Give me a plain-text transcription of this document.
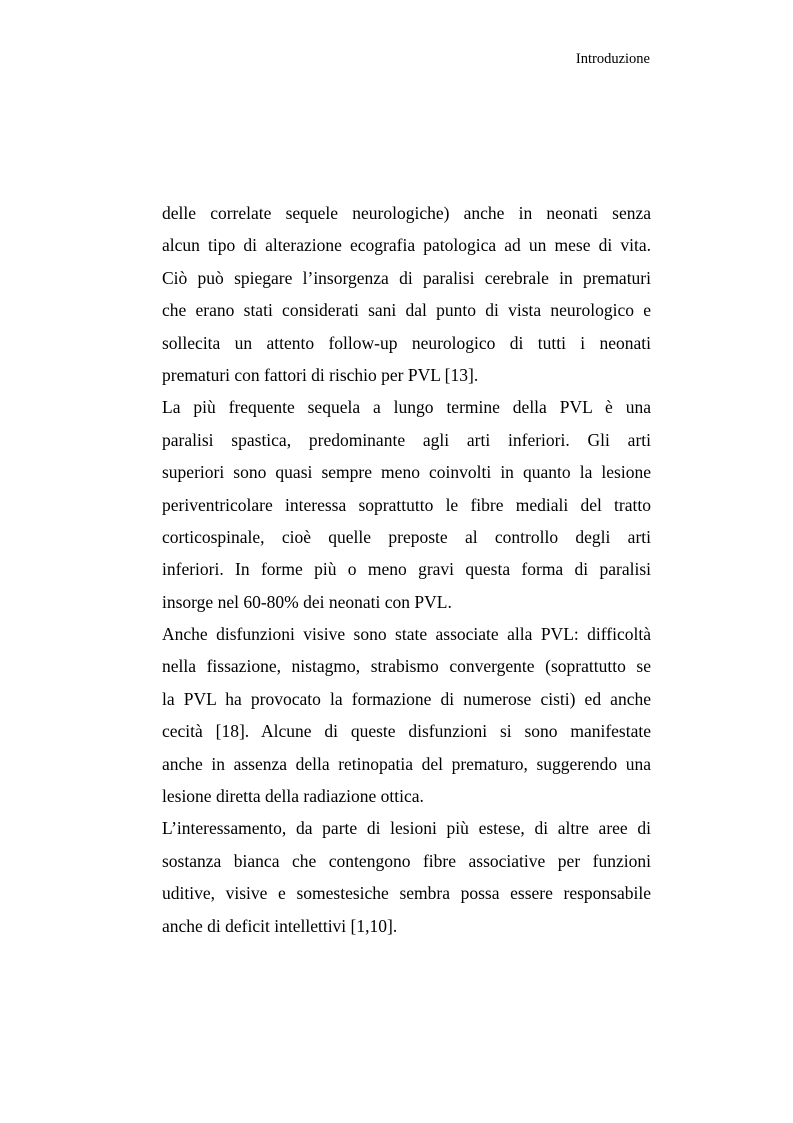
Introduzione
delle correlate sequele neurologiche) anche in neonati senza
alcun tipo di alterazione ecografia patologica ad un mese di vita.
Ciò può spiegare l’insorgenza di paralisi cerebrale in prematuri
che erano stati considerati sani dal punto di vista neurologico e
sollecita un attento follow-up neurologico di tutti i neonati
prematuri con fattori di rischio per PVL [13].
La più frequente sequela a lungo termine della PVL è una
paralisi spastica, predominante agli arti inferiori. Gli arti
superiori sono quasi sempre meno coinvolti in quanto la lesione
periventricolare interessa soprattutto le fibre mediali del tratto
corticospinale, cioè quelle preposte al controllo degli arti
inferiori. In forme più o meno gravi questa forma di paralisi
insorge nel 60-80% dei neonati con PVL.
Anche disfunzioni visive sono state associate alla PVL: difficoltà
nella fissazione, nistagmo, strabismo convergente (soprattutto se
la PVL ha provocato la formazione di numerose cisti) ed anche
cecità [18]. Alcune di queste disfunzioni si sono manifestate
anche in assenza della retinopatia del prematuro, suggerendo una
lesione diretta della radiazione ottica.
L’interessamento, da parte di lesioni più estese, di altre aree di
sostanza bianca che contengono fibre associative per funzioni
uditive, visive e somestesiche sembra possa essere responsabile
anche di deficit intellettivi [1,10].
